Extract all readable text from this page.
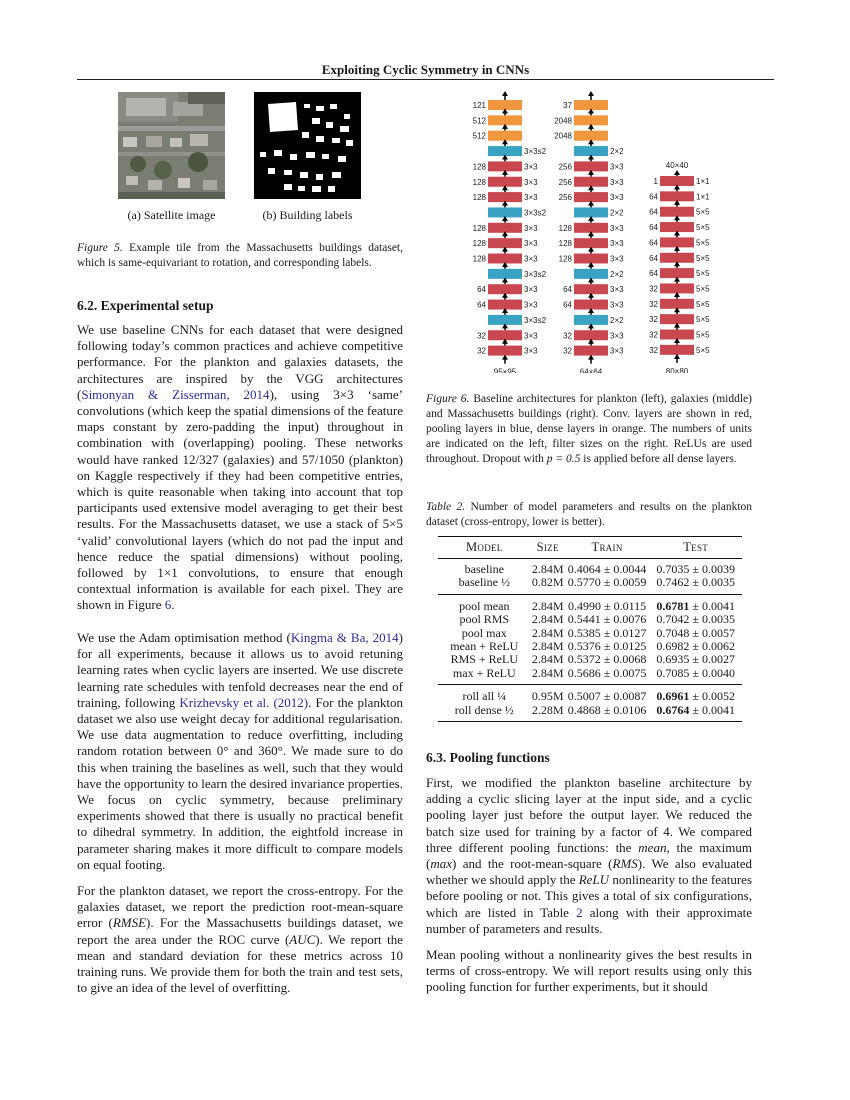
Exploiting Cyclic Symmetry in CNNs
(a) Satellite image	(b) Building labels

Figure 5. Example tile from the Massachusetts buildings dataset, which is same-equivariant to rotation, and corresponding labels.

6.2. Experimental setup

We use baseline CNNs for each dataset that were designed following today’s common practices and achieve competitive performance. For the plankton and galaxies datasets, the architectures are inspired by the VGG architectures (Simonyan & Zisserman, 2014), using 3×3 ‘same’ convolutions (which keep the spatial dimensions of the feature maps constant by zero-padding the input) throughout in combination with (overlapping) pooling. These networks would have ranked 12/327 (galaxies) and 57/1050 (plankton) on Kaggle respectively if they had been competitive entries, which is quite reasonable when taking into account that top participants used extensive model averaging to get their best results. For the Massachusetts dataset, we use a stack of 5×5 ‘valid’ convolutional layers (which do not pad the input and hence reduce the spatial dimensions) without pooling, followed by 1×1 convolutions, to ensure that enough contextual information is available for each pixel. They are shown in Figure 6.

We use the Adam optimisation method (Kingma & Ba, 2014) for all experiments, because it allows us to avoid retuning learning rates when cyclic layers are inserted. We use discrete learning rate schedules with tenfold decreases near the end of training, following Krizhevsky et al. (2012). For the plankton dataset we also use weight decay for additional regularisation. We use data augmentation to reduce overfitting, including random rotation between 0° and 360°. We made sure to do this when training the baselines as well, such that they would have the opportunity to learn the desired invariance properties. We focus on cyclic symmetry, because preliminary experiments showed that there is usually no practical benefit to dihedral symmetry. In addition, the eightfold increase in parameter sharing makes it more difficult to compare models on equal footing.

For the plankton dataset, we report the cross-entropy. For the galaxies dataset, we report the prediction root-mean-square error (RMSE). For the Massachusetts buildings dataset, we report the area under the ROC curve (AUC). We report the mean and standard deviation for these metrics across 10 training runs. We provide them for both the train and test sets, to give an idea of the level of overfitting.

121
512
512
3×3s2
128	3×3
128	3×3
128	3×3
3×3s2
128	3×3
128	3×3
128	3×3
3×3s2
64	3×3
64	3×3
3×3s2
32	3×3
32	3×3
95×95
37
2048
2048
2×2
256	3×3
256	3×3
256	3×3
2×2
128	3×3
128	3×3
128	3×3
2×2
64	3×3
64	3×3
2×2
32	3×3
32	3×3
64×64
40×40
1	1×1
64	1×1
64	5×5
64	5×5
64	5×5
64	5×5
64	5×5
32	5×5
32	5×5
32	5×5
32	5×5
32	5×5
80×80

Figure 6. Baseline architectures for plankton (left), galaxies (middle) and Massachusetts buildings (right). Conv. layers are shown in red, pooling layers in blue, dense layers in orange. The numbers of units are indicated on the left, filter sizes on the right. ReLUs are used throughout. Dropout with p = 0.5 is applied before all dense layers.

Table 2. Number of model parameters and results on the plankton dataset (cross-entropy, lower is better).

Model	Size	Train	Test
baseline	2.84M	0.4064 ± 0.0044	0.7035 ± 0.0039
baseline ½	0.82M	0.5770 ± 0.0059	0.7462 ± 0.0035
pool mean	2.84M	0.4990 ± 0.0115	0.6781 ± 0.0041
pool RMS	2.84M	0.5441 ± 0.0076	0.7042 ± 0.0035
pool max	2.84M	0.5385 ± 0.0127	0.7048 ± 0.0057
mean + ReLU	2.84M	0.5376 ± 0.0125	0.6982 ± 0.0062
RMS + ReLU	2.84M	0.5372 ± 0.0068	0.6935 ± 0.0027
max + ReLU	2.84M	0.5686 ± 0.0075	0.7085 ± 0.0040
roll all ¼	0.95M	0.5007 ± 0.0087	0.6961 ± 0.0052
roll dense ½	2.28M	0.4868 ± 0.0106	0.6764 ± 0.0041
6.3. Pooling functions

First, we modified the plankton baseline architecture by adding a cyclic slicing layer at the input side, and a cyclic pooling layer just before the output layer. We reduced the batch size used for training by a factor of 4. We compared three different pooling functions: the mean, the maximum (max) and the root-mean-square (RMS). We also evaluated whether we should apply the ReLU nonlinearity to the features before pooling or not. This gives a total of six configurations, which are listed in Table 2 along with their approximate number of parameters and results.

Mean pooling without a nonlinearity gives the best results in terms of cross-entropy. We will report results using only this pooling function for further experiments, but it should
